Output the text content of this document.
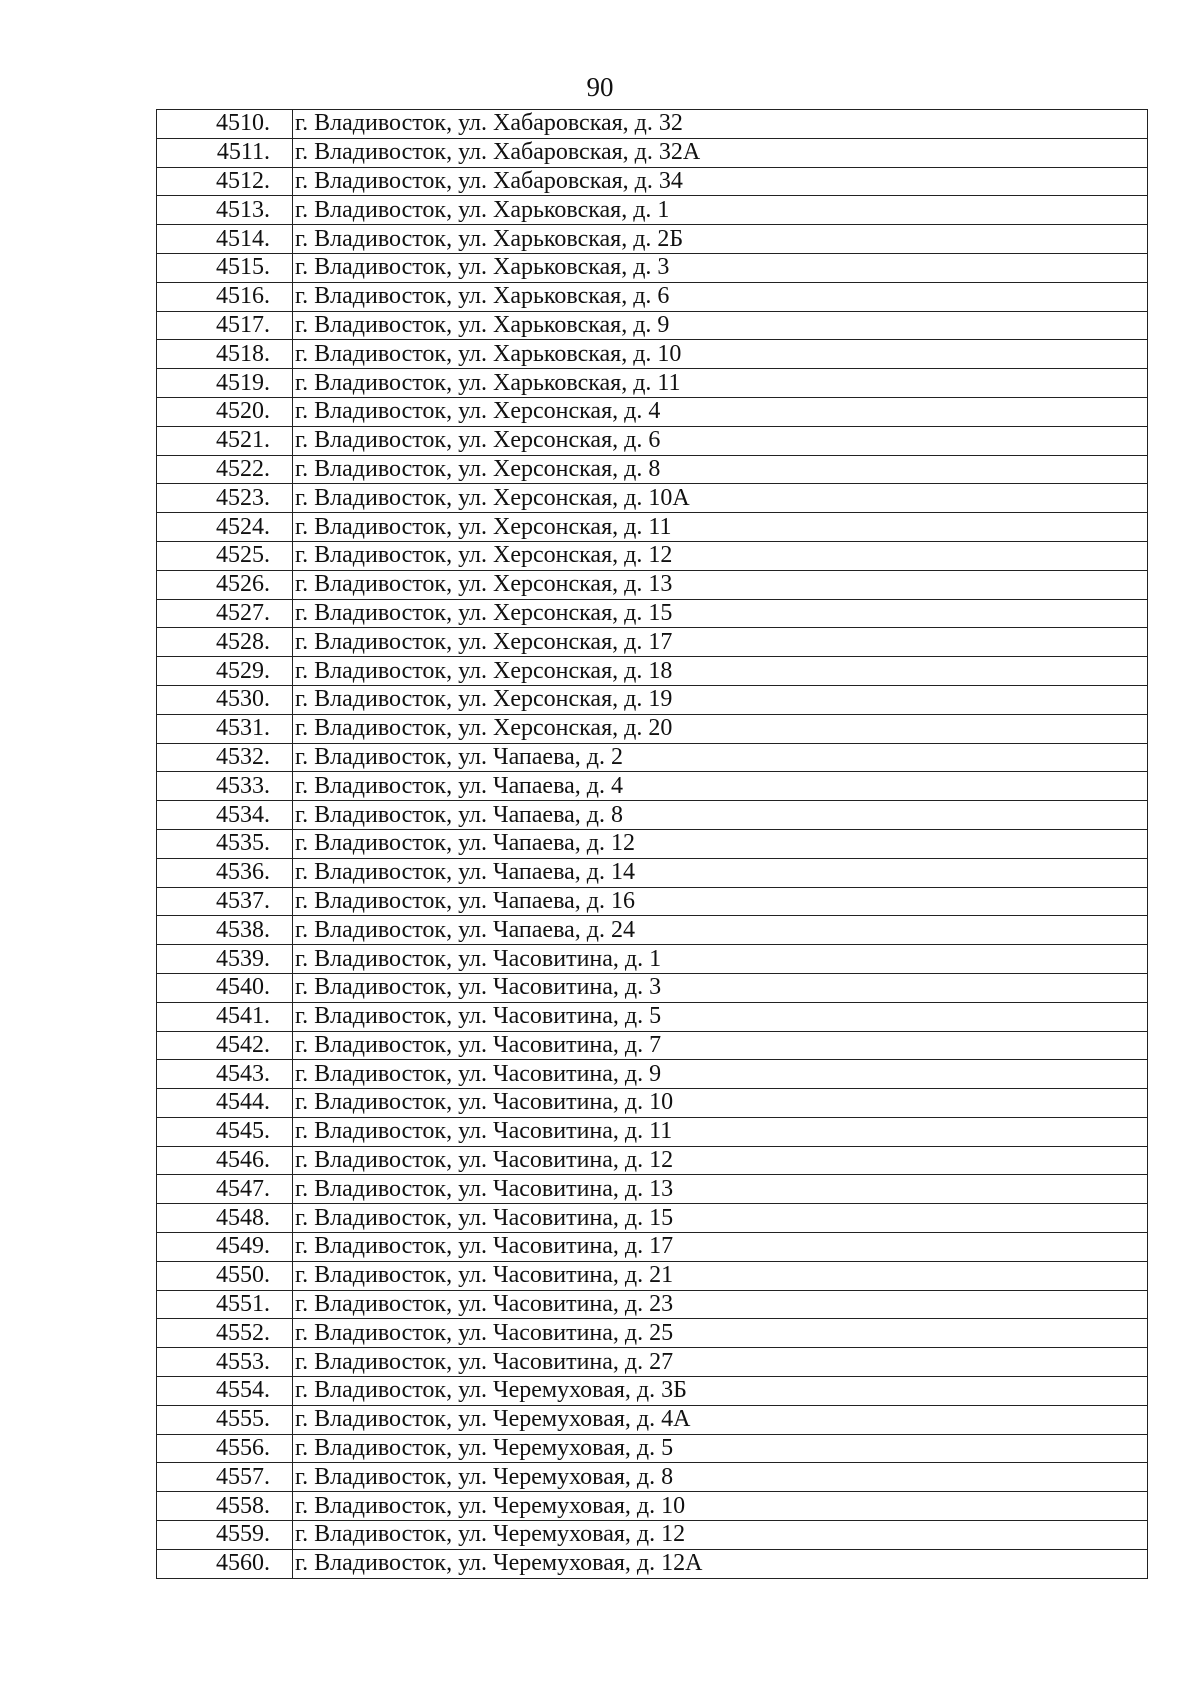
90
4510.	г. Владивосток, ул. Хабаровская, д. 32
4511.	г. Владивосток, ул. Хабаровская, д. 32А
4512.	г. Владивосток, ул. Хабаровская, д. 34
4513.	г. Владивосток, ул. Харьковская, д. 1
4514.	г. Владивосток, ул. Харьковская, д. 2Б
4515.	г. Владивосток, ул. Харьковская, д. 3
4516.	г. Владивосток, ул. Харьковская, д. 6
4517.	г. Владивосток, ул. Харьковская, д. 9
4518.	г. Владивосток, ул. Харьковская, д. 10
4519.	г. Владивосток, ул. Харьковская, д. 11
4520.	г. Владивосток, ул. Херсонская, д. 4
4521.	г. Владивосток, ул. Херсонская, д. 6
4522.	г. Владивосток, ул. Херсонская, д. 8
4523.	г. Владивосток, ул. Херсонская, д. 10А
4524.	г. Владивосток, ул. Херсонская, д. 11
4525.	г. Владивосток, ул. Херсонская, д. 12
4526.	г. Владивосток, ул. Херсонская, д. 13
4527.	г. Владивосток, ул. Херсонская, д. 15
4528.	г. Владивосток, ул. Херсонская, д. 17
4529.	г. Владивосток, ул. Херсонская, д. 18
4530.	г. Владивосток, ул. Херсонская, д. 19
4531.	г. Владивосток, ул. Херсонская, д. 20
4532.	г. Владивосток, ул. Чапаева, д. 2
4533.	г. Владивосток, ул. Чапаева, д. 4
4534.	г. Владивосток, ул. Чапаева, д. 8
4535.	г. Владивосток, ул. Чапаева, д. 12
4536.	г. Владивосток, ул. Чапаева, д. 14
4537.	г. Владивосток, ул. Чапаева, д. 16
4538.	г. Владивосток, ул. Чапаева, д. 24
4539.	г. Владивосток, ул. Часовитина, д. 1
4540.	г. Владивосток, ул. Часовитина, д. 3
4541.	г. Владивосток, ул. Часовитина, д. 5
4542.	г. Владивосток, ул. Часовитина, д. 7
4543.	г. Владивосток, ул. Часовитина, д. 9
4544.	г. Владивосток, ул. Часовитина, д. 10
4545.	г. Владивосток, ул. Часовитина, д. 11
4546.	г. Владивосток, ул. Часовитина, д. 12
4547.	г. Владивосток, ул. Часовитина, д. 13
4548.	г. Владивосток, ул. Часовитина, д. 15
4549.	г. Владивосток, ул. Часовитина, д. 17
4550.	г. Владивосток, ул. Часовитина, д. 21
4551.	г. Владивосток, ул. Часовитина, д. 23
4552.	г. Владивосток, ул. Часовитина, д. 25
4553.	г. Владивосток, ул. Часовитина, д. 27
4554.	г. Владивосток, ул. Черемуховая, д. 3Б
4555.	г. Владивосток, ул. Черемуховая, д. 4А
4556.	г. Владивосток, ул. Черемуховая, д. 5
4557.	г. Владивосток, ул. Черемуховая, д. 8
4558.	г. Владивосток, ул. Черемуховая, д. 10
4559.	г. Владивосток, ул. Черемуховая, д. 12
4560.	г. Владивосток, ул. Черемуховая, д. 12А
